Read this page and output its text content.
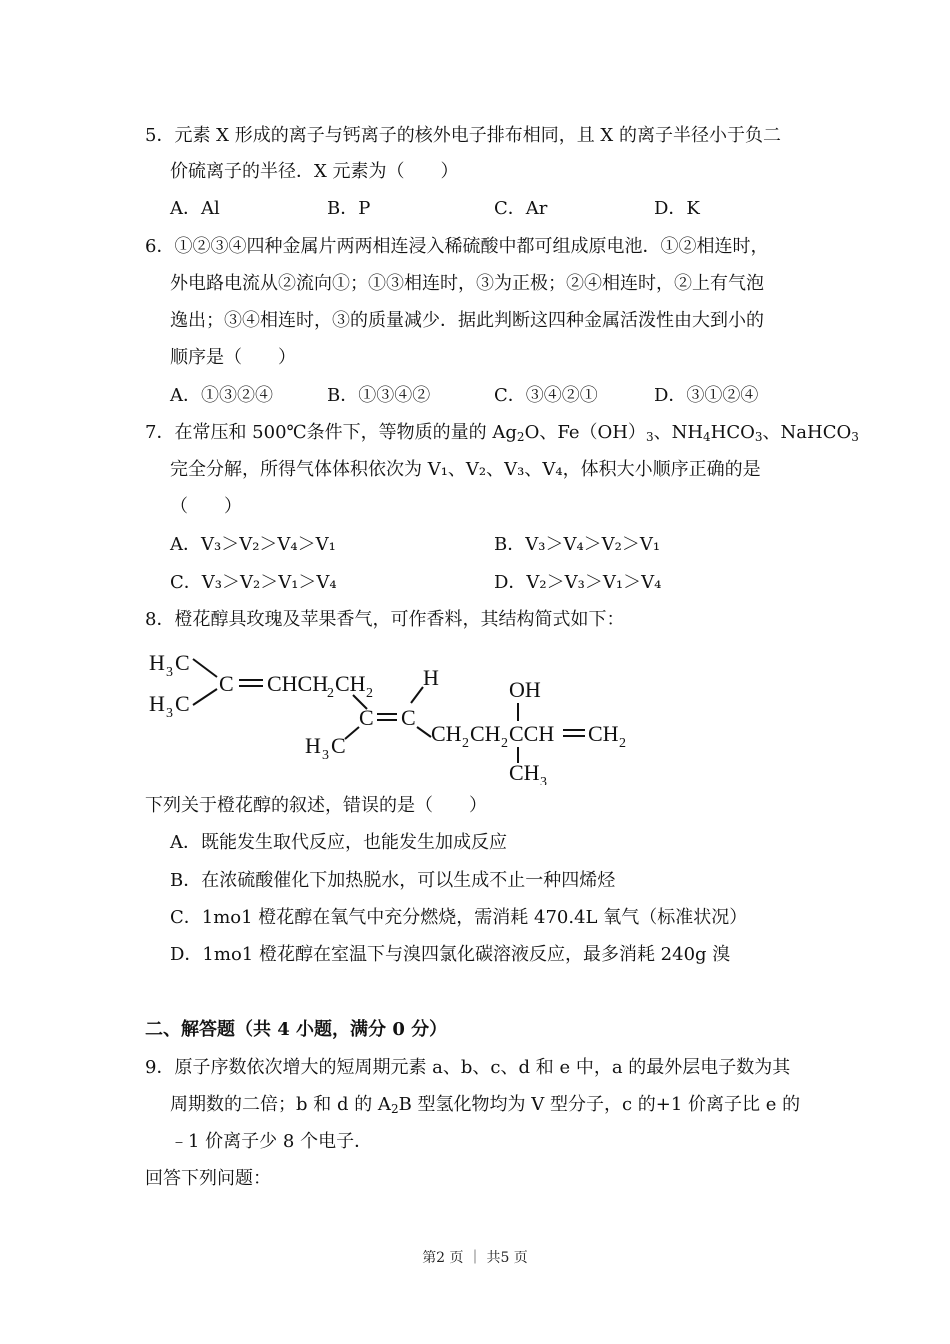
5．元素 X 形成的离子与钙离子的核外电子排布相同，且 X 的离子半径小于负二
价硫离子的半径．X 元素为（　　）
A．Al	B．P	C．Ar	D．K
6．①②③④四种金属片两两相连浸入稀硫酸中都可组成原电池．①②相连时，
外电路电流从②流向①；①③相连时，③为正极；②④相连时，②上有气泡
逸出；③④相连时，③的质量减少．据此判断这四种金属活泼性由大到小的
顺序是（　　）
A．①③②④	B．①③④②	C．③④②①	D．③①②④
7．在常压和 500℃条件下，等物质的量的 $Ag_2O$、$Fe(OH)_3$、$NH_4HCO_3$、NaHCO$_3$
完全分解，所得气体体积依次为 V₁、V₂、V₃、V₄，体积大小顺序正确的是
（　　）
A．V₃＞V₂＞V₄＞V₁	B．V₃＞V₄＞V₂＞V₁
C．V₃＞V₂＞V₁＞V₄	D．V₂＞V₃＞V₁＞V₄
8．橙花醇具玫瑰及苹果香气，可作香料，其结构简式如下：
H 3 C
H 3 C
C CHCH
2 CH 2
C C
H
H 3 C	CH 2 CH 2 CCH
OH
CH 3
CH 2
下列关于橙花醇的叙述，错误的是（　　）
A．既能发生取代反应，也能发生加成反应
B．在浓硫酸催化下加热脱水，可以生成不止一种四烯烃
C．1mo1 橙花醇在氧气中充分燃烧，需消耗 470.4L 氧气（标准状况）
D．1mo1 橙花醇在室温下与溴四氯化碳溶液反应，最多消耗 240g 溴
二、解答题（共 4 小题，满分 0 分）
9．原子序数依次增大的短周期元素 a、b、c、d 和 e 中，a 的最外层电子数为其
周期数的二倍；b 和 d 的 $A_2B$ 型氢化物均为 V 型分子，c 的+1 价离子比 e 的
﹣1 价离子少 8 个电子．
回答下列问题：
第2 页 ｜ 共5 页
